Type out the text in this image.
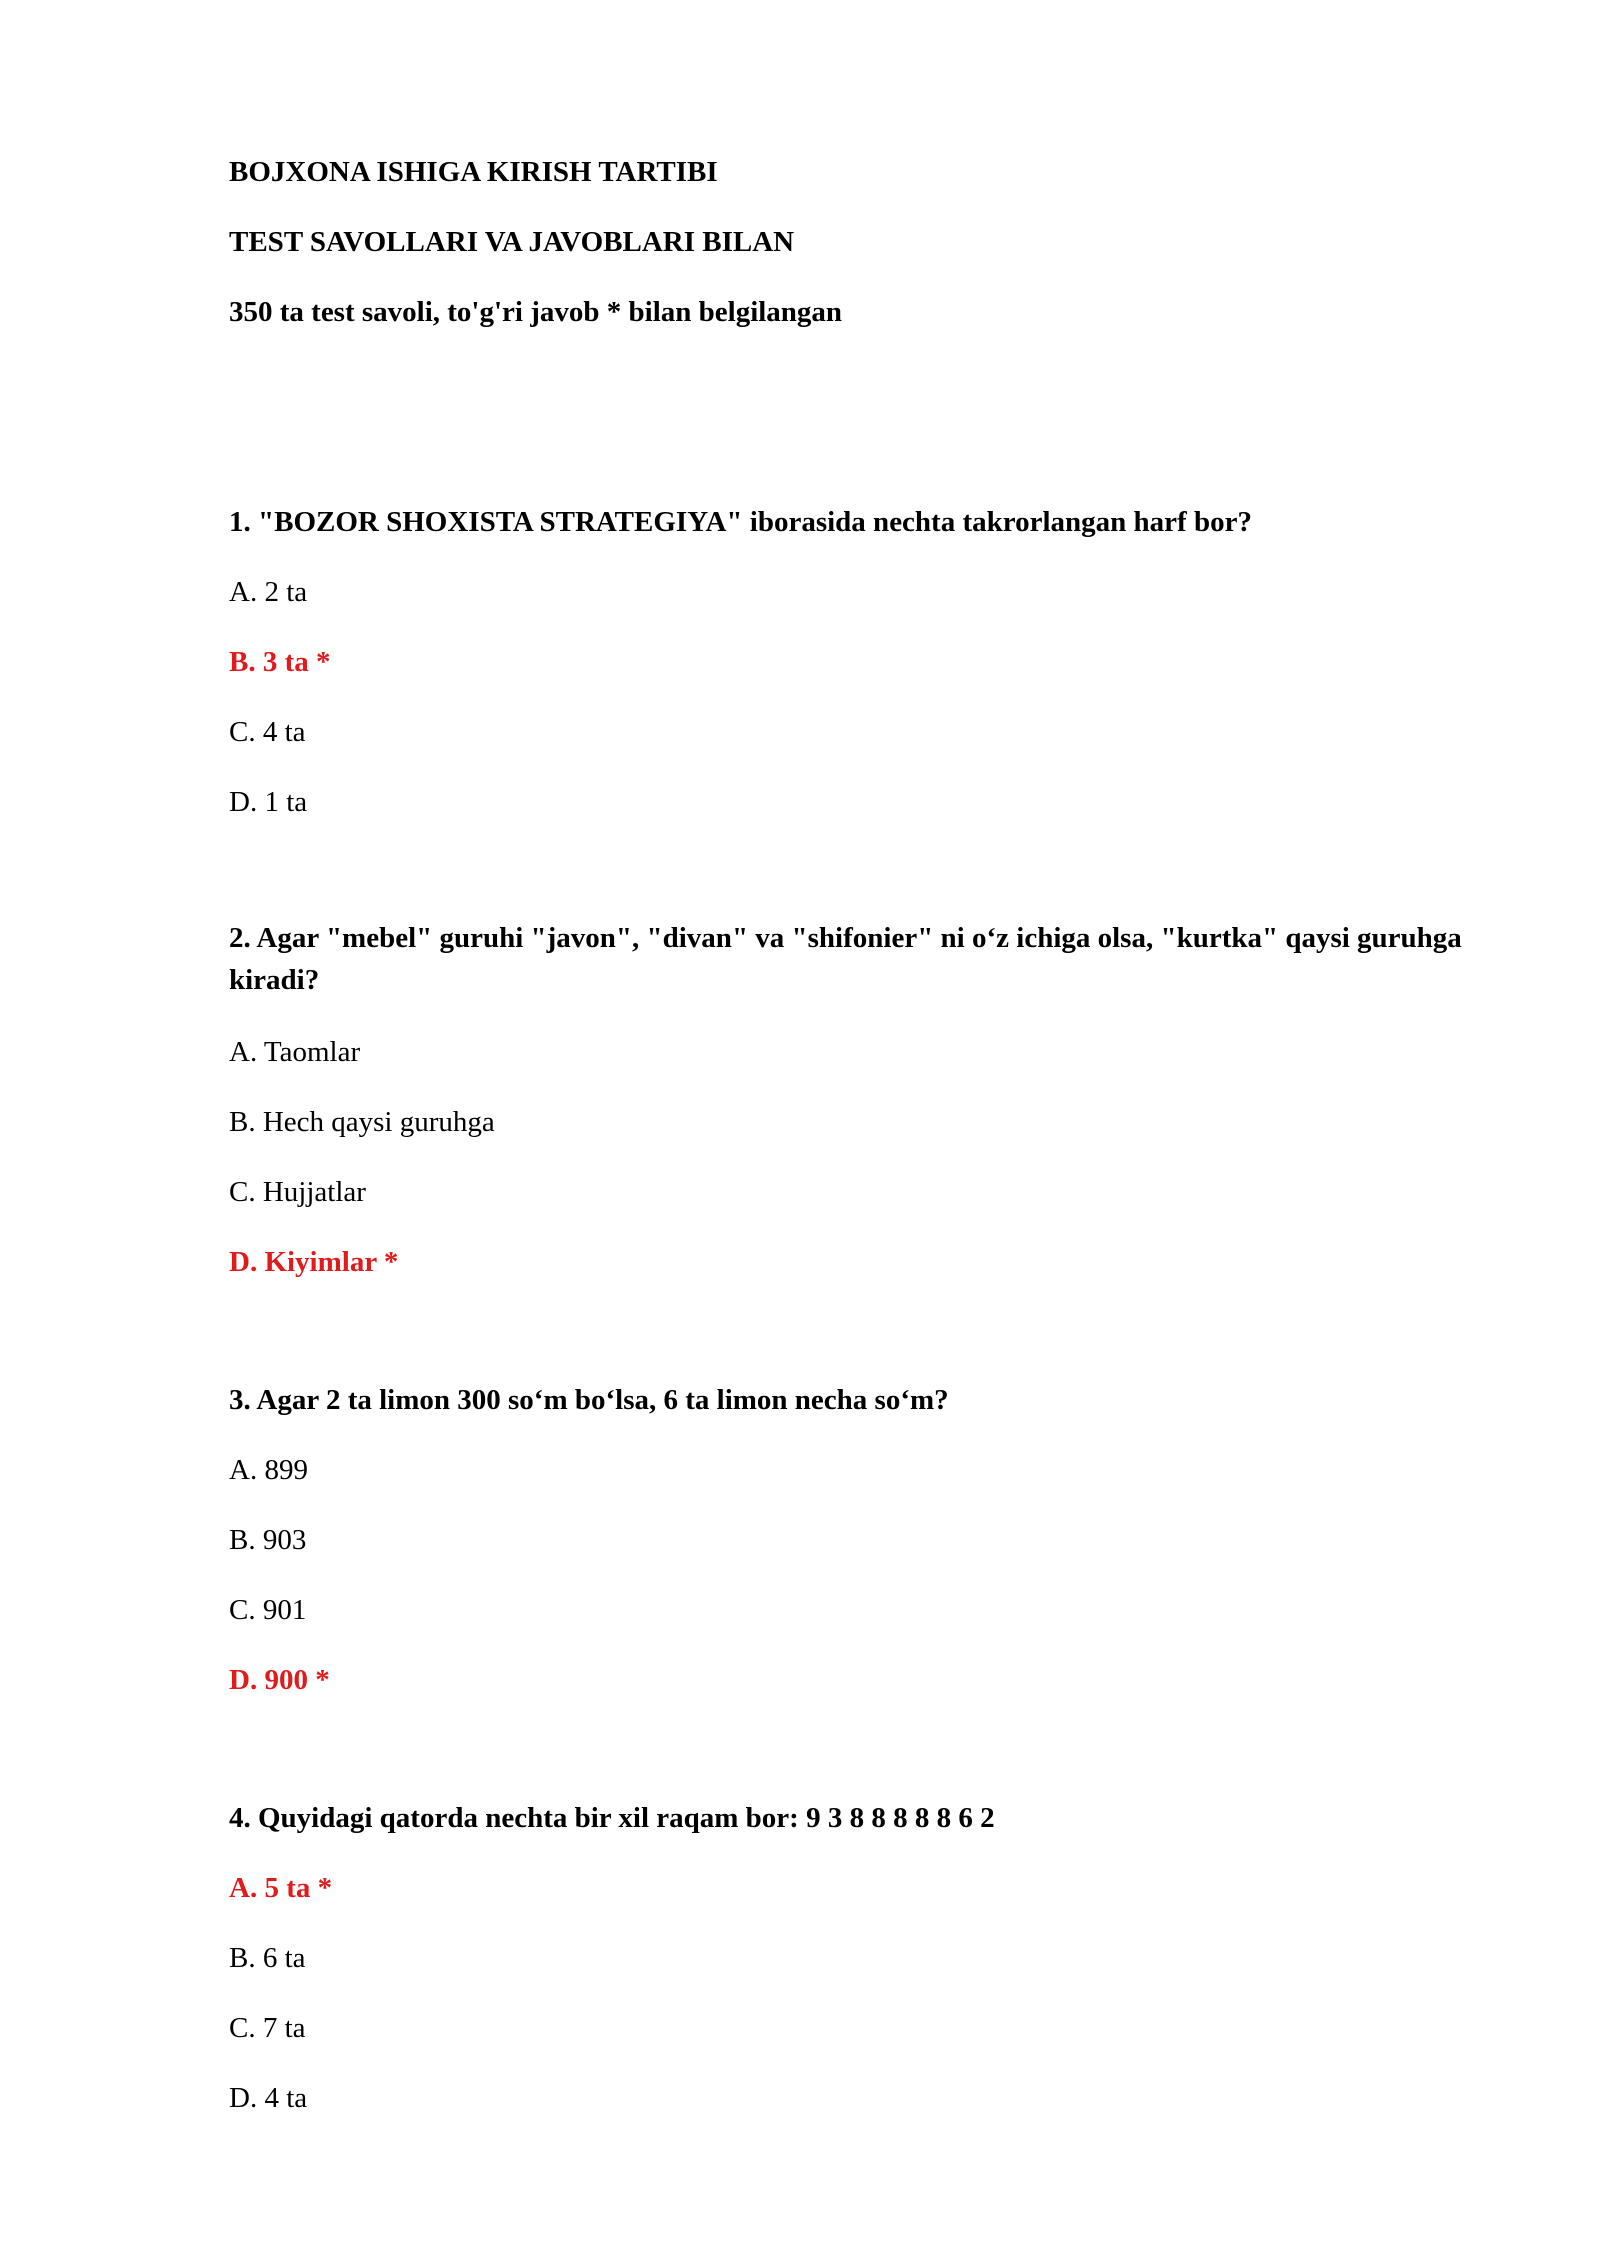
BOJXONA ISHIGA KIRISH TARTIBI

TEST SAVOLLARI VA JAVOBLARI BILAN

350 ta test savoli, to'g'ri javob * bilan belgilangan

1. "BOZOR SHOXISTA STRATEGIYA" iborasida nechta takrorlangan harf bor?

A. 2 ta

B. 3 ta *

C. 4 ta

D. 1 ta

2. Agar "mebel" guruhi "javon", "divan" va "shifonier" ni o‘z ichiga olsa, "kurtka" qaysi guruhga kiradi?

A. Taomlar

B. Hech qaysi guruhga

C. Hujjatlar

D. Kiyimlar *

3. Agar 2 ta limon 300 so‘m bo‘lsa, 6 ta limon necha so‘m?

A. 899

B. 903

C. 901

D. 900 *

4. Quyidagi qatorda nechta bir xil raqam bor: 9 3 8 8 8 8 8 6 2

A. 5 ta *

B. 6 ta

C. 7 ta

D. 4 ta
